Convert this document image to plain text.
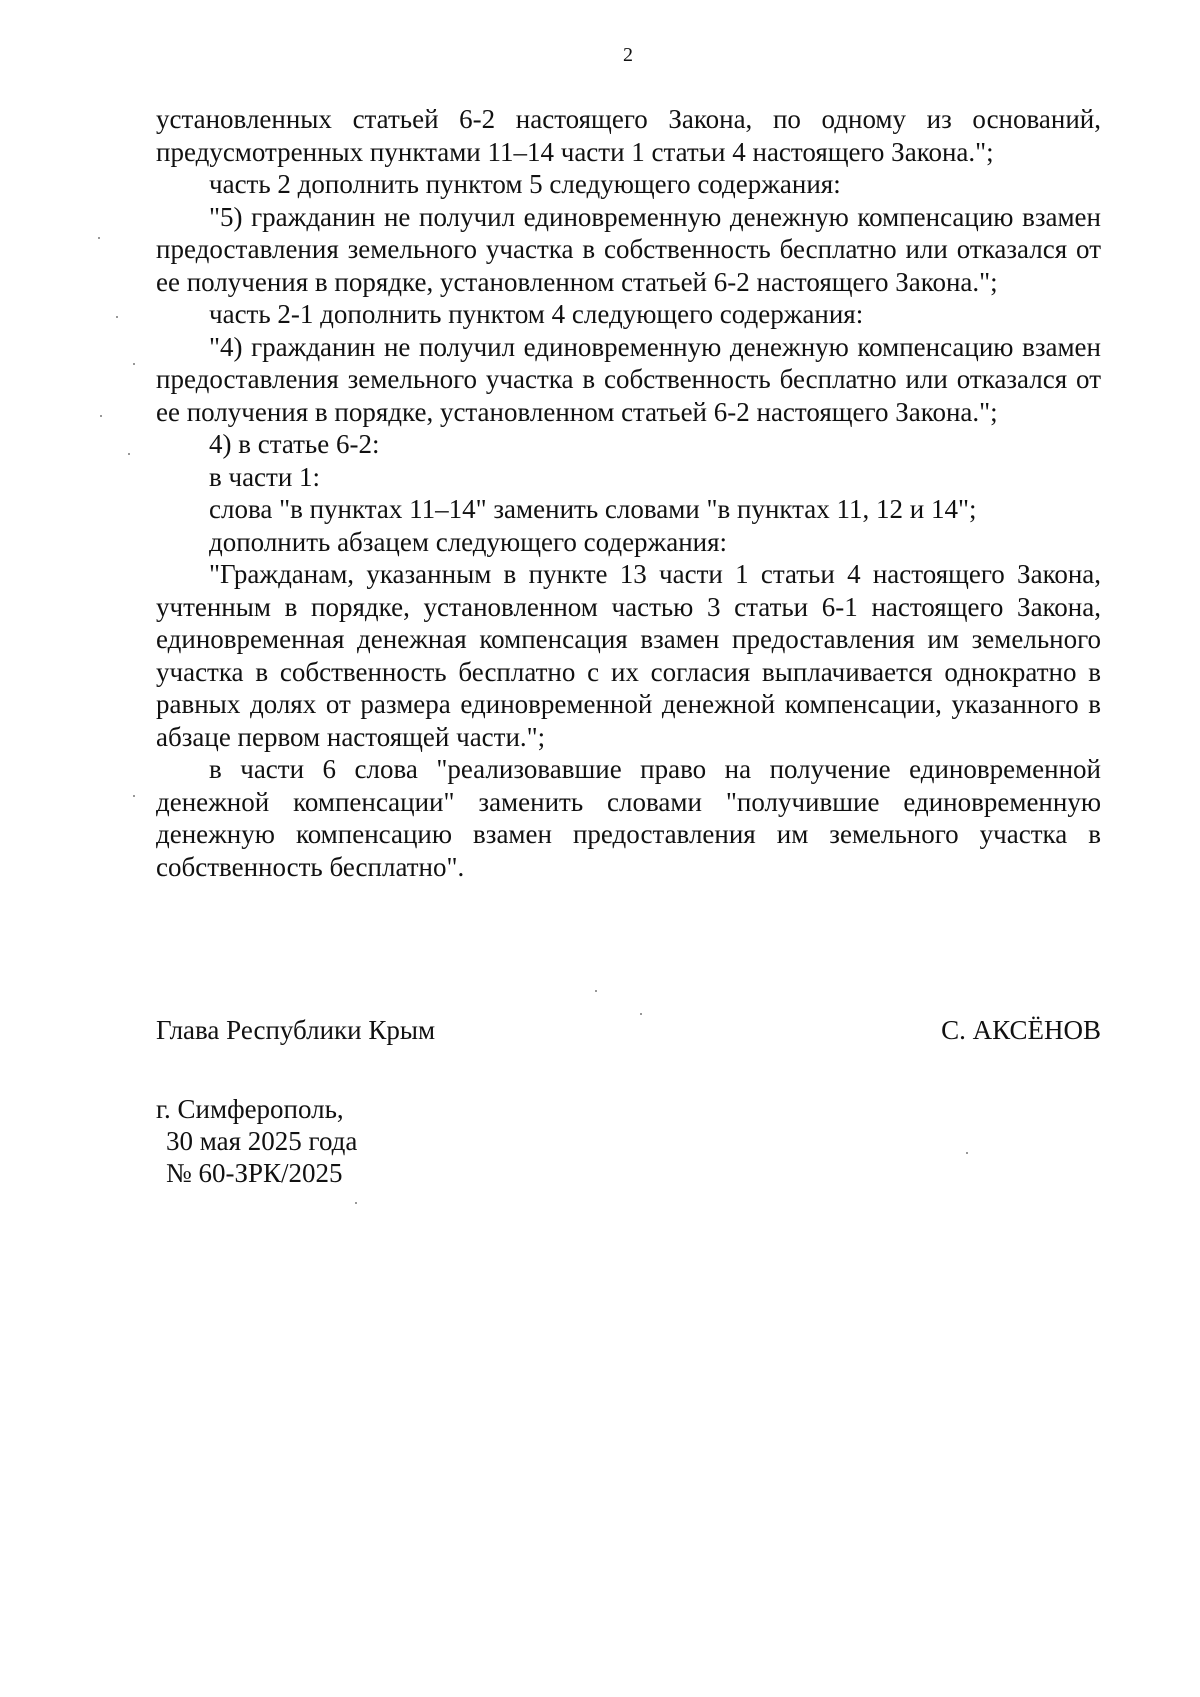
2

установленных статьей 6-2 настоящего Закона, по одному из оснований, предусмотренных пунктами 11–14 части 1 статьи 4 настоящего Закона.";

часть 2 дополнить пунктом 5 следующего содержания:

"5) гражданин не получил единовременную денежную компенсацию взамен предоставления земельного участка в собственность бесплатно или отказался от ее получения в порядке, установленном статьей 6-2 настоящего Закона.";

часть 2-1 дополнить пунктом 4 следующего содержания:

"4) гражданин не получил единовременную денежную компенсацию взамен предоставления земельного участка в собственность бесплатно или отказался от ее получения в порядке, установленном статьей 6-2 настоящего Закона.";

4) в статье 6-2:

в части 1:

слова "в пунктах 11–14" заменить словами "в пунктах 11, 12 и 14";

дополнить абзацем следующего содержания:

"Гражданам, указанным в пункте 13 части 1 статьи 4 настоящего Закона, учтенным в порядке, установленном частью 3 статьи 6-1 настоящего Закона, единовременная денежная компенсация взамен предоставления им земельного участка в собственность бесплатно с их согласия выплачивается однократно в равных долях от размера единовременной денежной компенсации, указанного в абзаце первом настоящей части.";

в части 6 слова "реализовавшие право на получение единовременной денежной компенсации" заменить словами "получившие единовременную денежную компенсацию взамен предоставления им земельного участка в собственность бесплатно".

Глава Республики Крым	С. АКСЁНОВ

г. Симферополь,

30 мая 2025 года

№ 60-ЗРК/2025
